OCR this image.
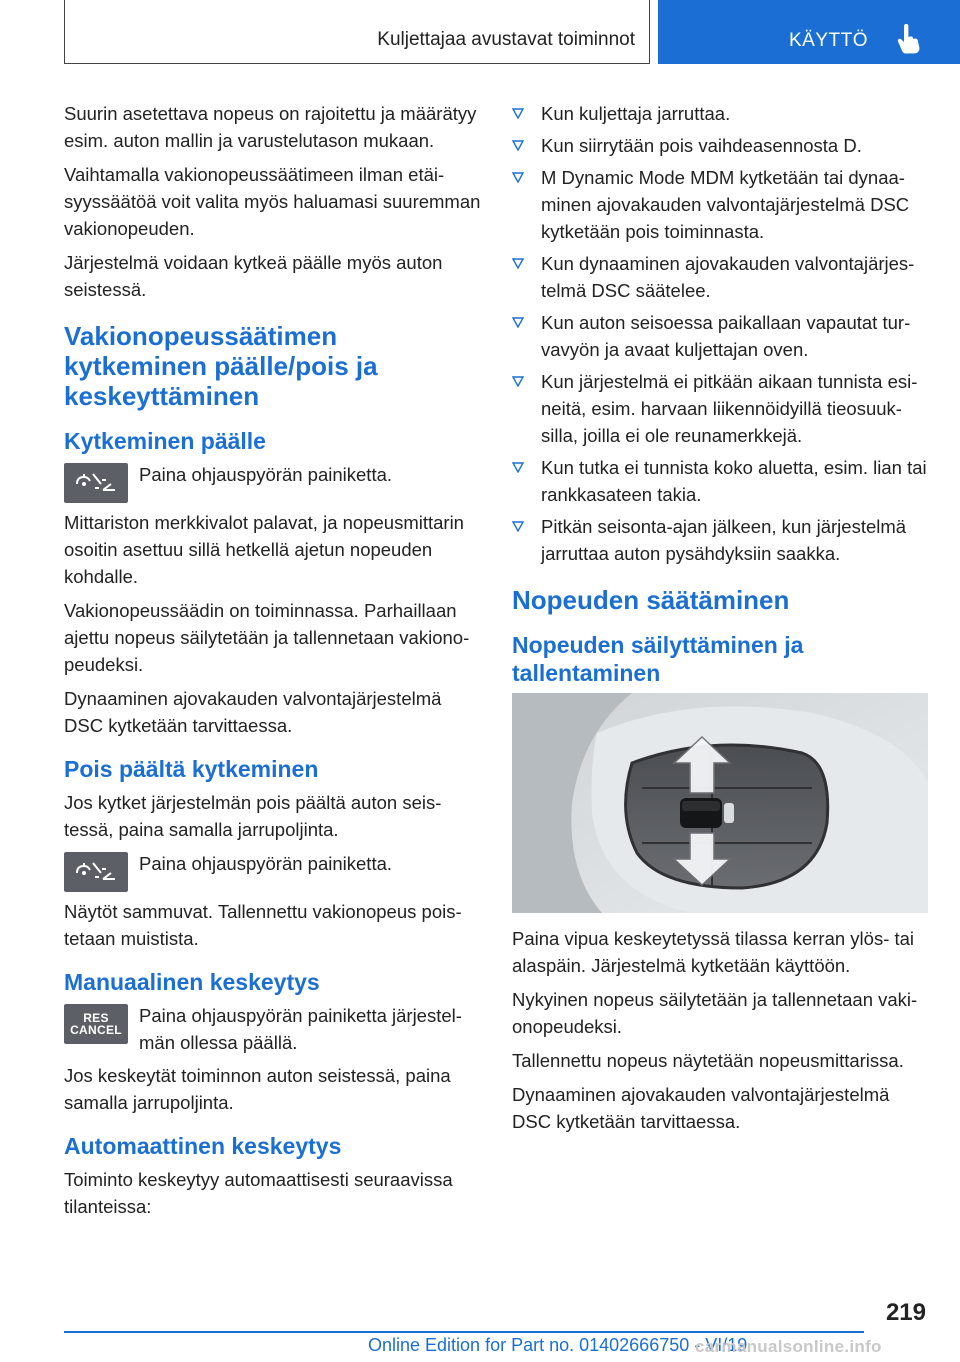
Kuljettajaa avustavat toiminnot	KÄYTTÖ

Suurin asetettava nopeus on rajoitettu ja määrätyy esim. auton mallin ja varustelutason mukaan.

Vaihtamalla vakionopeussäätimeen ilman etäisyyssäätöä voit valita myös haluamasi suuremman vakionopeuden.

Järjestelmä voidaan kytkeä päälle myös auton seistessä.

Vakionopeussäätimen kytkeminen päälle/pois ja keskeyttäminen
Kytkeminen päälle
Paina ohjauspyörän painiketta.

Mittariston merkkivalot palavat, ja nopeusmittarin osoitin asettuu sillä hetkellä ajetun nopeuden kohdalle.

Vakionopeussäädin on toiminnassa. Parhaillaan ajettu nopeus säilytetään ja tallennetaan vakionopeudeksi.

Dynaaminen ajovakauden valvontajärjestelmä DSC kytketään tarvittaessa.

Pois päältä kytkeminen

Jos kytket järjestelmän pois päältä auton seistessä, paina samalla jarrupoljinta.

Paina ohjauspyörän painiketta.

Näytöt sammuvat. Tallennettu vakionopeus poistetaan muistista.

Manuaalinen keskeytys
RES
CANCEL
Paina ohjauspyörän painiketta järjestelmän ollessa päällä.

Jos keskeytät toiminnon auton seistessä, paina samalla jarrupoljinta.

Automaattinen keskeytys

Toiminto keskeytyy automaattisesti seuraavissa tilanteissa:

Kun kuljettaja jarruttaa.
Kun siirrytään pois vaihdeasennosta D.
M Dynamic Mode MDM kytketään tai dynaaminen ajovakauden valvontajärjestelmä DSC kytketään pois toiminnasta.
Kun dynaaminen ajovakauden valvontajärjestelmä DSC säätelee.
Kun auton seisoessa paikallaan vapautat turvavyön ja avaat kuljettajan oven.
Kun järjestelmä ei pitkään aikaan tunnista esineitä, esim. harvaan liikennöidyillä tieosuuksilla, joilla ei ole reunamerkkejä.
Kun tutka ei tunnista koko aluetta, esim. lian tai rankkasateen takia.
Pitkän seisonta-ajan jälkeen, kun järjestelmä jarruttaa auton pysähdyksiin saakka.
Nopeuden säätäminen
Nopeuden säilyttäminen ja tallentaminen

Paina vipua keskeytetyssä tilassa kerran ylös- tai alaspäin. Järjestelmä kytketään käyttöön.

Nykyinen nopeus säilytetään ja tallennetaan vakionopeudeksi.

Tallennettu nopeus näytetään nopeusmittarissa.

Dynaaminen ajovakauden valvontajärjestelmä DSC kytketään tarvittaessa.

219
Online Edition for Part no. 01402666750 - VI/19
carmanualsonline.info
